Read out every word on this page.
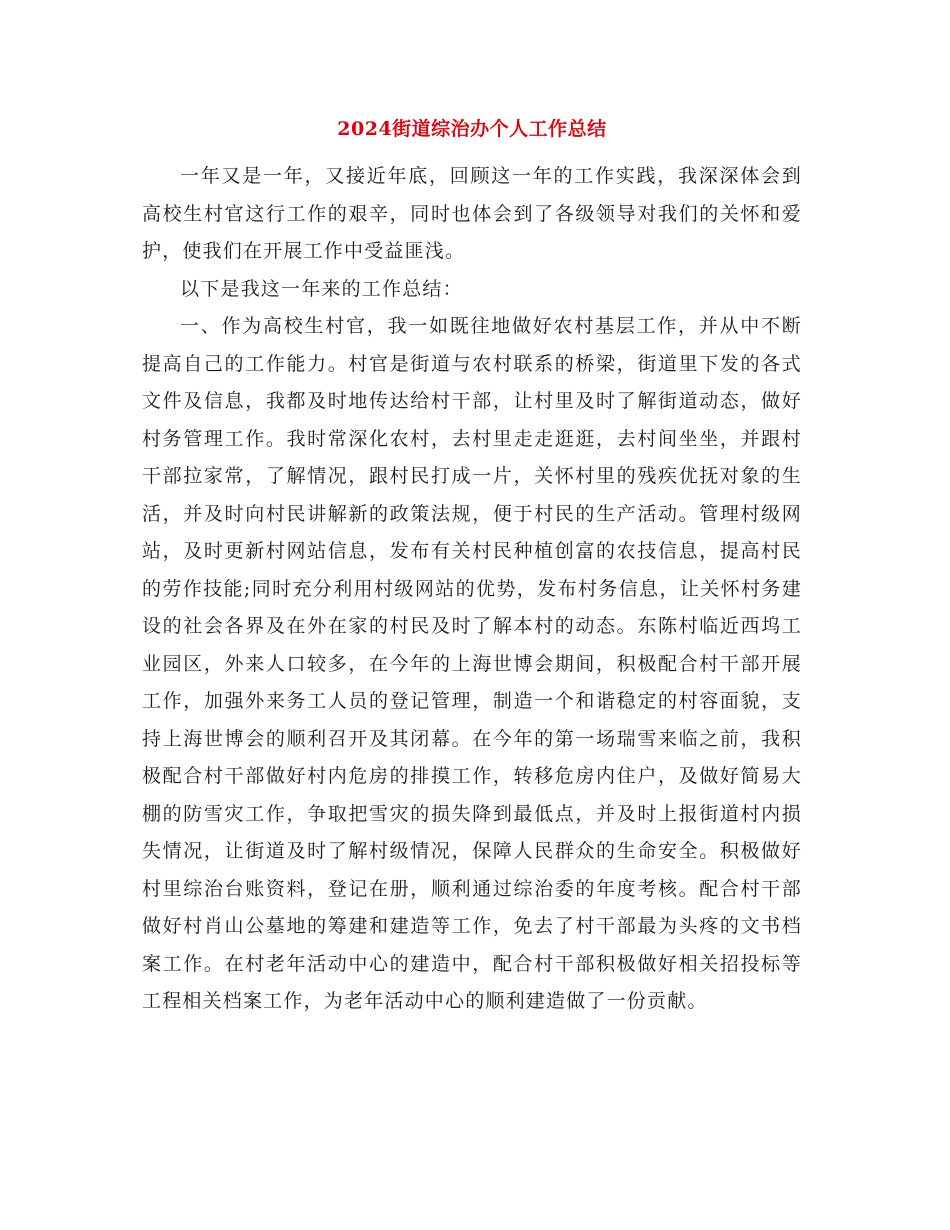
2024街道综治办个人工作总结

一年又是一年，又接近年底，回顾这一年的工作实践，我深深体会到高校生村官这行工作的艰辛，同时也体会到了各级领导对我们的关怀和爱护，使我们在开展工作中受益匪浅。

以下是我这一年来的工作总结：

一、作为高校生村官，我一如既往地做好农村基层工作，并从中不断提高自己的工作能力。村官是街道与农村联系的桥梁，街道里下发的各式文件及信息，我都及时地传达给村干部，让村里及时了解街道动态，做好村务管理工作。我时常深化农村，去村里走走逛逛，去村间坐坐，并跟村干部拉家常，了解情况，跟村民打成一片，关怀村里的残疾优抚对象的生活，并及时向村民讲解新的政策法规，便于村民的生产活动。管理村级网站，及时更新村网站信息，发布有关村民种植创富的农技信息，提高村民的劳作技能;同时充分利用村级网站的优势，发布村务信息，让关怀村务建设的社会各界及在外在家的村民及时了解本村的动态。东陈村临近西坞工业园区，外来人口较多，在今年的上海世博会期间，积极配合村干部开展工作，加强外来务工人员的登记管理，制造一个和谐稳定的村容面貌，支持上海世博会的顺利召开及其闭幕。在今年的第一场瑞雪来临之前，我积极配合村干部做好村内危房的排摸工作，转移危房内住户，及做好简易大棚的防雪灾工作，争取把雪灾的损失降到最低点，并及时上报街道村内损失情况，让街道及时了解村级情况，保障人民群众的生命安全。积极做好村里综治台账资料，登记在册，顺利通过综治委的年度考核。配合村干部做好村肖山公墓地的筹建和建造等工作，免去了村干部最为头疼的文书档案工作。在村老年活动中心的建造中，配合村干部积极做好相关招投标等工程相关档案工作，为老年活动中心的顺利建造做了一份贡献。
